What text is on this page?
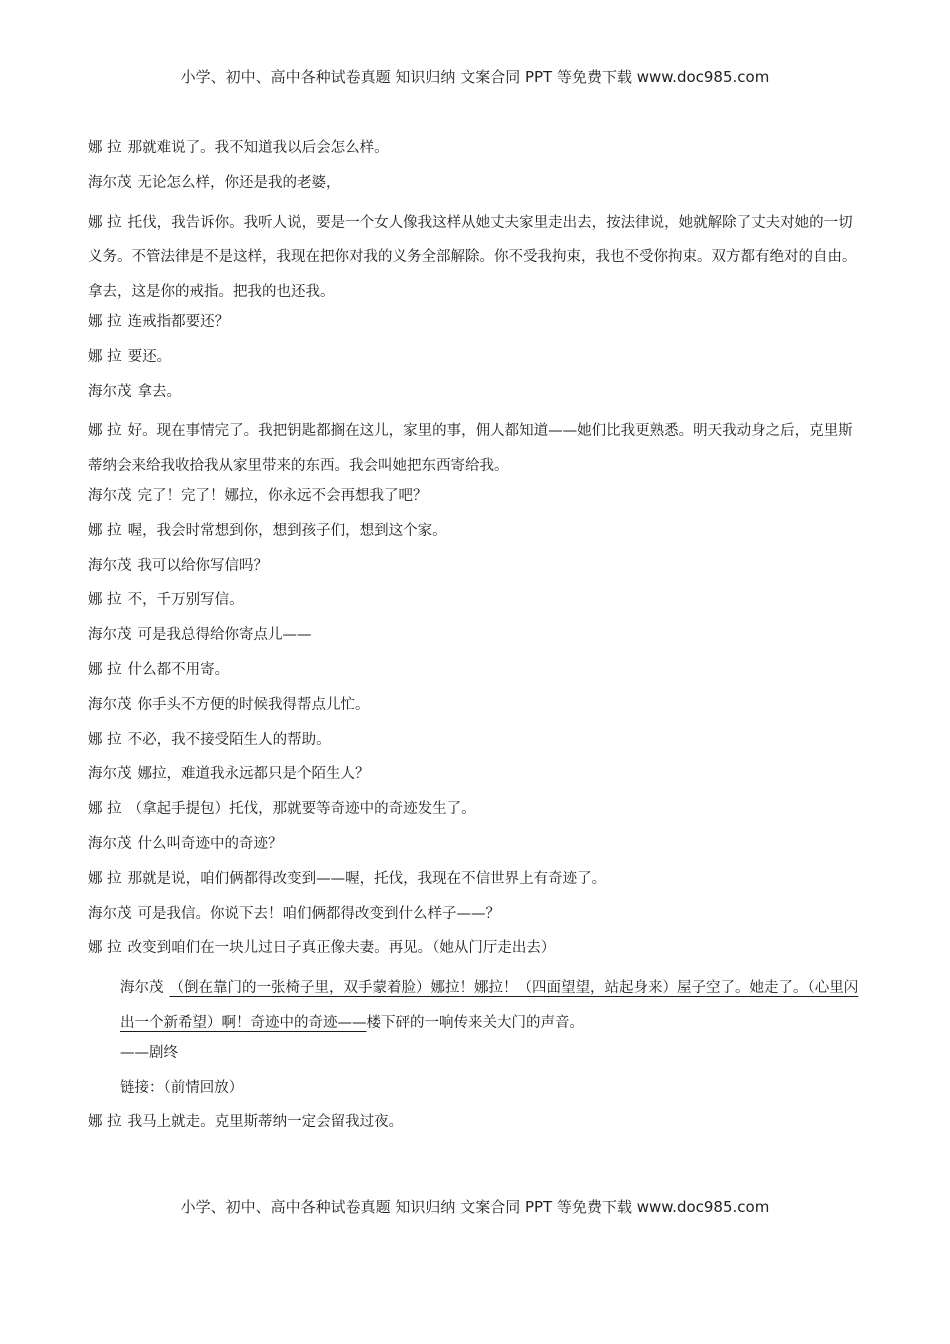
小学、初中、高中各种试卷真题 知识归纳 文案合同 PPT 等免费下载 www.doc985.com
娜 拉 那就难说了。我不知道我以后会怎么样。
海尔茂 无论怎么样，你还是我的老婆，
娜 拉 托伐，我告诉你。我听人说，要是一个女人像我这样从她丈夫家里走出去，按法律说，她就解除了丈夫对她的一切义务。不管法律是不是这样，我现在把你对我的义务全部解除。你不受我拘束，我也不受你拘束。双方都有绝对的自由。拿去，这是你的戒指。把我的也还我。
娜 拉 连戒指都要还？
娜 拉 要还。
海尔茂 拿去。
娜 拉 好。现在事情完了。我把钥匙都搁在这儿，家里的事，佣人都知道——她们比我更熟悉。明天我动身之后，克里斯蒂纳会来给我收拾我从家里带来的东西。我会叫她把东西寄给我。
海尔茂 完了！完了！娜拉，你永远不会再想我了吧？
娜 拉 喔，我会时常想到你，想到孩子们，想到这个家。
海尔茂 我可以给你写信吗？
娜 拉 不，千万别写信。
海尔茂 可是我总得给你寄点儿——
娜 拉 什么都不用寄。
海尔茂 你手头不方便的时候我得帮点儿忙。
娜 拉 不必，我不接受陌生人的帮助。
海尔茂 娜拉，难道我永远都只是个陌生人？
娜 拉 （拿起手提包）托伐，那就要等奇迹中的奇迹发生了。
海尔茂 什么叫奇迹中的奇迹？
娜 拉 那就是说，咱们俩都得改变到——喔，托伐，我现在不信世界上有奇迹了。
海尔茂 可是我信。你说下去！咱们俩都得改变到什么样子——？
娜 拉 改变到咱们在一块儿过日子真正像夫妻。再见。（她从门厅走出去）
海尔茂 （倒在靠门的一张椅子里，双手蒙着脸）娜拉！娜拉！（四面望望，站起身来）屋子空了。她走了。（心里闪出一个新希望）啊！奇迹中的奇迹——楼下砰的一响传来关大门的声音。
——剧终
链接：（前情回放）
娜 拉 我马上就走。克里斯蒂纳一定会留我过夜。
小学、初中、高中各种试卷真题 知识归纳 文案合同 PPT 等免费下载 www.doc985.com
